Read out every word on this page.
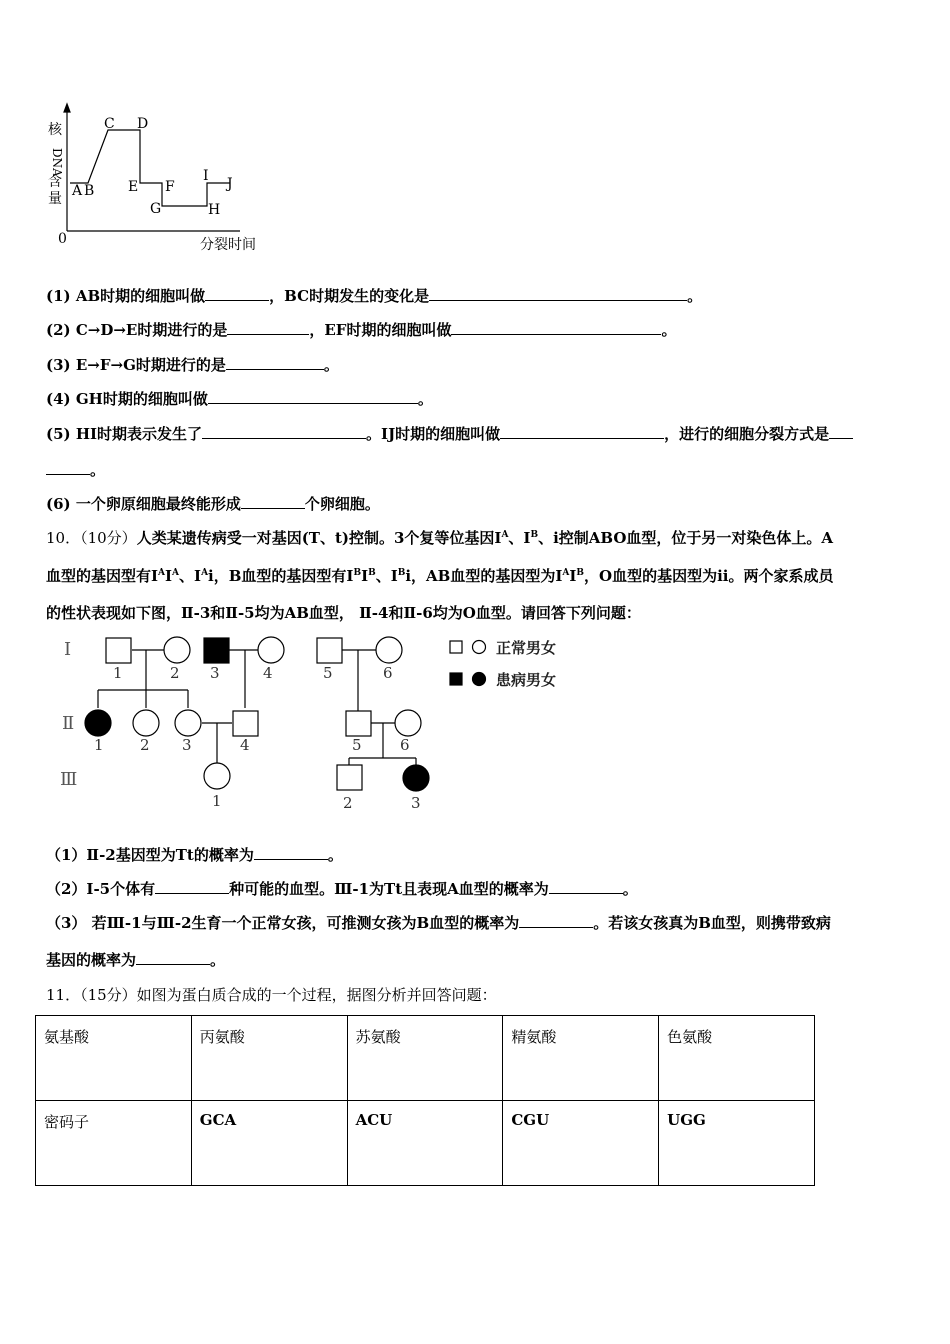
核
DNA
含
量
0	分裂时间
A B
C D
E F
G	H
I J
(1) AB时期的细胞叫做	，BC时期发生的变化是	。
(2) C→D→E时期进行的是	，EF时期的细胞叫做	。
(3) E→F→G时期进行的是	。
(4) GH时期的细胞叫做	。
(5) HI时期表示发生了	。IJ时期的细胞叫做	，进行的细胞分裂方式是
。
(6) 一个卵原细胞最终能形成	个卵细胞。
10．（10分）人类某遗传病受一对基因(T、t)控制。3个复等位基因$I^A$、$I^B$、i控制ABO血型，位于另一对染色体上。A
血型的基因型有$I^AI^A$、$I^Ai$，B血型的基因型有$I^BI^B$、$I^Bi$，AB血型的基因型为$I^AI^B$，O血型的基因型为ii。两个家系成员
的性状表现如下图，Ⅱ-3和Ⅱ-5均为AB血型， Ⅱ-4和Ⅱ-6均为O血型。请回答下列问题：
Ⅰ
Ⅱ
Ⅲ
正常男女
患病男女
1	2 3	4	5	6
1 2 3	4	5	6
1	2	3
（1）Ⅱ-2基因型为Tt的概率为	。
（2）Ⅰ-5个体有	种可能的血型。Ⅲ-1为Tt且表现A血型的概率为	。
（3） 若Ⅲ-1与Ⅲ-2生育一个正常女孩，可推测女孩为B血型的概率为	。若该女孩真为B血型，则携带致病
基因的概率为	。
11．（15分）如图为蛋白质合成的一个过程，据图分析并回答问题：
氨基酸	丙氨酸	苏氨酸	精氨酸	色氨酸
密码子	GCA	ACU	CGU	UGG
